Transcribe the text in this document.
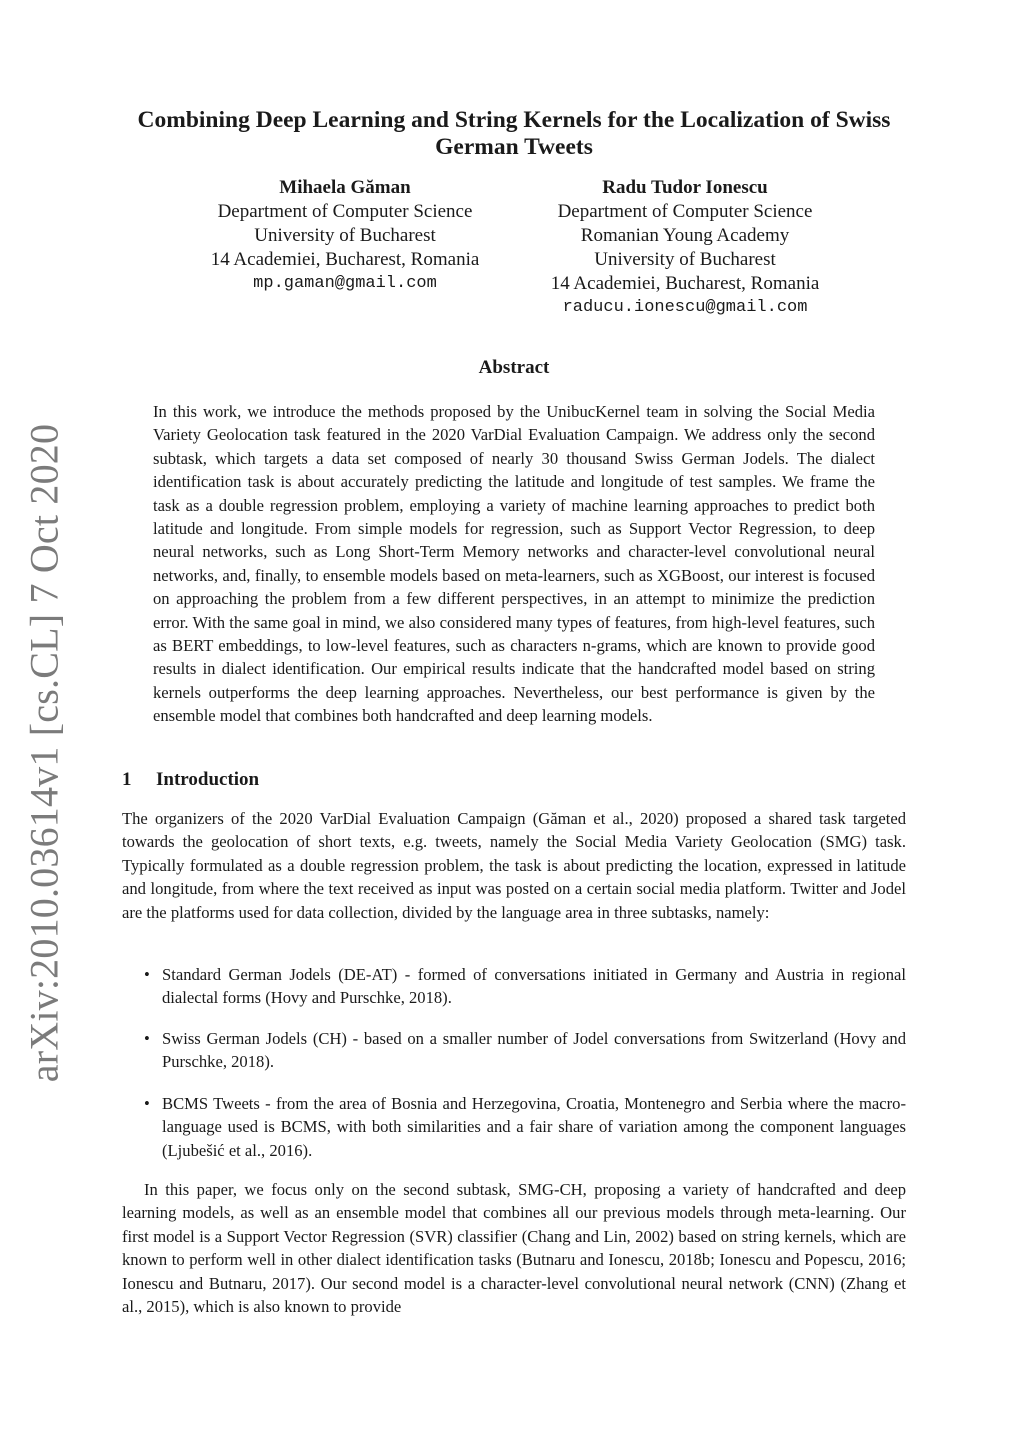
arXiv:2010.03614v1 [cs.CL] 7 Oct 2020
Combining Deep Learning and String Kernels for the Localization of Swiss German Tweets
Mihaela Găman
Department of Computer Science
University of Bucharest
14 Academiei, Bucharest, Romania
mp.gaman@gmail.com
Radu Tudor Ionescu
Department of Computer Science
Romanian Young Academy
University of Bucharest
14 Academiei, Bucharest, Romania
raducu.ionescu@gmail.com
Abstract

In this work, we introduce the methods proposed by the UnibucKernel team in solving the Social Media Variety Geolocation task featured in the 2020 VarDial Evaluation Campaign. We address only the second subtask, which targets a data set composed of nearly 30 thousand Swiss German Jodels. The dialect identification task is about accurately predicting the latitude and longitude of test samples. We frame the task as a double regression problem, employing a variety of machine learning approaches to predict both latitude and longitude. From simple models for regression, such as Support Vector Regression, to deep neural networks, such as Long Short-Term Memory networks and character-level convolutional neural networks, and, finally, to ensemble models based on meta-learners, such as XGBoost, our interest is focused on approaching the problem from a few different perspectives, in an attempt to minimize the prediction error. With the same goal in mind, we also considered many types of features, from high-level features, such as BERT embeddings, to low-level features, such as characters n-grams, which are known to provide good results in dialect identification. Our empirical results indicate that the handcrafted model based on string kernels outperforms the deep learning approaches. Nevertheless, our best performance is given by the ensemble model that combines both handcrafted and deep learning models.

1 Introduction

The organizers of the 2020 VarDial Evaluation Campaign (Găman et al., 2020) proposed a shared task targeted towards the geolocation of short texts, e.g. tweets, namely the Social Media Variety Geolocation (SMG) task. Typically formulated as a double regression problem, the task is about predicting the location, expressed in latitude and longitude, from where the text received as input was posted on a certain social media platform. Twitter and Jodel are the platforms used for data collection, divided by the language area in three subtasks, namely:

• Standard German Jodels (DE-AT) - formed of conversations initiated in Germany and Austria in regional dialectal forms (Hovy and Purschke, 2018).
• Swiss German Jodels (CH) - based on a smaller number of Jodel conversations from Switzerland (Hovy and Purschke, 2018).
• BCMS Tweets - from the area of Bosnia and Herzegovina, Croatia, Montenegro and Serbia where the macro-language used is BCMS, with both similarities and a fair share of variation among the component languages (Ljubešić et al., 2016).

In this paper, we focus only on the second subtask, SMG-CH, proposing a variety of handcrafted and deep learning models, as well as an ensemble model that combines all our previous models through meta-learning. Our first model is a Support Vector Regression (SVR) classifier (Chang and Lin, 2002) based on string kernels, which are known to perform well in other dialect identification tasks (Butnaru and Ionescu, 2018b; Ionescu and Popescu, 2016; Ionescu and Butnaru, 2017). Our second model is a character-level convolutional neural network (CNN) (Zhang et al., 2015), which is also known to provide
